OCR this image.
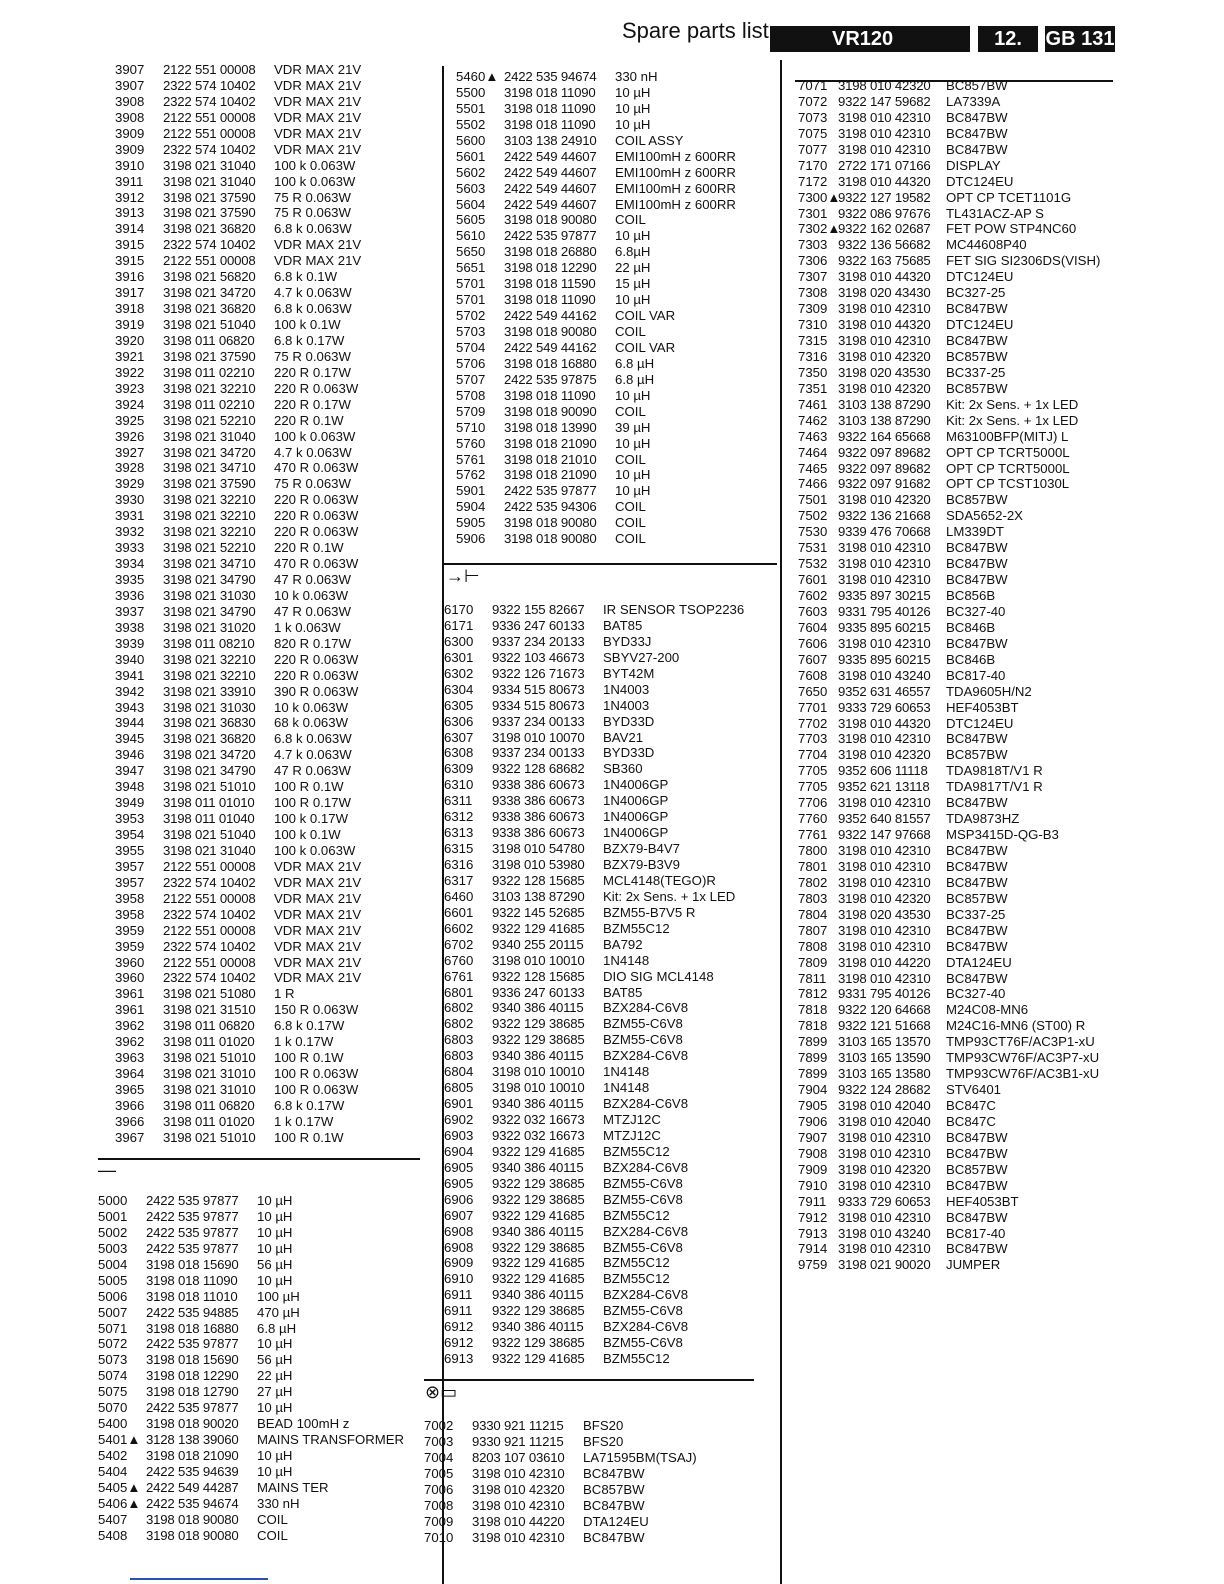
Spare parts list	VR120	12.	GB 131
3907 2122 551 00008 VDR MAX 21V
3907 2322 574 10402 VDR MAX 21V
3908 2322 574 10402 VDR MAX 21V
3908 2122 551 00008 VDR MAX 21V
3909 2122 551 00008 VDR MAX 21V
3909 2322 574 10402 VDR MAX 21V
3910 3198 021 31040 100 k 0.063W
3911 3198 021 31040 100 k 0.063W
3912 3198 021 37590 75 R 0.063W
3913 3198 021 37590 75 R 0.063W
3914 3198 021 36820 6.8 k 0.063W
3915 2322 574 10402 VDR MAX 21V
3915 2122 551 00008 VDR MAX 21V
3916 3198 021 56820 6.8 k 0.1W
3917 3198 021 34720 4.7 k 0.063W
3918 3198 021 36820 6.8 k 0.063W
3919 3198 021 51040 100 k 0.1W
3920 3198 011 06820 6.8 k 0.17W
3921 3198 021 37590 75 R 0.063W
3922 3198 011 02210 220 R 0.17W
3923 3198 021 32210 220 R 0.063W
3924 3198 011 02210 220 R 0.17W
3925 3198 021 52210 220 R 0.1W
3926 3198 021 31040 100 k 0.063W
3927 3198 021 34720 4.7 k 0.063W
3928 3198 021 34710 470 R 0.063W
3929 3198 021 37590 75 R 0.063W
3930 3198 021 32210 220 R 0.063W
3931 3198 021 32210 220 R 0.063W
3932 3198 021 32210 220 R 0.063W
3933 3198 021 52210 220 R 0.1W
3934 3198 021 34710 470 R 0.063W
3935 3198 021 34790 47 R 0.063W
3936 3198 021 31030 10 k 0.063W
3937 3198 021 34790 47 R 0.063W
3938 3198 021 31020 1 k 0.063W
3939 3198 011 08210 820 R 0.17W
3940 3198 021 32210 220 R 0.063W
3941 3198 021 32210 220 R 0.063W
3942 3198 021 33910 390 R 0.063W
3943 3198 021 31030 10 k 0.063W
3944 3198 021 36830 68 k 0.063W
3945 3198 021 36820 6.8 k 0.063W
3946 3198 021 34720 4.7 k 0.063W
3947 3198 021 34790 47 R 0.063W
3948 3198 021 51010 100 R 0.1W
3949 3198 011 01010 100 R 0.17W
3953 3198 011 01040 100 k 0.17W
3954 3198 021 51040 100 k 0.1W
3955 3198 021 31040 100 k 0.063W
3957 2122 551 00008 VDR MAX 21V
3957 2322 574 10402 VDR MAX 21V
3958 2122 551 00008 VDR MAX 21V
3958 2322 574 10402 VDR MAX 21V
3959 2122 551 00008 VDR MAX 21V
3959 2322 574 10402 VDR MAX 21V
3960 2122 551 00008 VDR MAX 21V
3960 2322 574 10402 VDR MAX 21V
3961 3198 021 51080 1 R
3961 3198 021 31510 150 R 0.063W
3962 3198 011 06820 6.8 k 0.17W
3962 3198 011 01020 1 k 0.17W
3963 3198 021 51010 100 R 0.1W
3964 3198 021 31010 100 R 0.063W
3965 3198 021 31010 100 R 0.063W
3966 3198 011 06820 6.8 k 0.17W
3966 3198 011 01020 1 k 0.17W
3967 3198 021 51010 100 R 0.1W
—
5000 2422 535 97877 10 µH
5001 2422 535 97877 10 µH
5002 2422 535 97877 10 µH
5003 2422 535 97877 10 µH
5004 3198 018 15690 56 µH
5005 3198 018 11090 10 µH
5006 3198 018 11010 100 µH
5007 2422 535 94885 470 µH
5071 3198 018 16880 6.8 µH
5072 2422 535 97877 10 µH
5073 3198 018 15690 56 µH
5074 3198 018 12290 22 µH
5075 3198 018 12790 27 µH
5070 2422 535 97877 10 µH
5400 3198 018 90020 BEAD 100mH z
5401▲ 3128 138 39060 MAINS TRANSFORMER
5402 3198 018 21090 10 µH
5404 2422 535 94639 10 µH
5405▲ 2422 549 44287 MAINS TER
5406▲ 2422 535 94674 330 nH
5407 3198 018 90080 COIL
5408 3198 018 90080 COIL
5460▲ 2422 535 94674 330 nH
5500 3198 018 11090 10 µH
5501 3198 018 11090 10 µH
5502 3198 018 11090 10 µH
5600 3103 138 24910 COIL ASSY
5601 2422 549 44607 EMI100mH z 600RR
5602 2422 549 44607 EMI100mH z 600RR
5603 2422 549 44607 EMI100mH z 600RR
5604 2422 549 44607 EMI100mH z 600RR
5605 3198 018 90080 COIL
5610 2422 535 97877 10 µH
5650 3198 018 26880 6.8µH
5651 3198 018 12290 22 µH
5701 3198 018 11590 15 µH
5701 3198 018 11090 10 µH
5702 2422 549 44162 COIL VAR
5703 3198 018 90080 COIL
5704 2422 549 44162 COIL VAR
5706 3198 018 16880 6.8 µH
5707 2422 535 97875 6.8 µH
5708 3198 018 11090 10 µH
5709 3198 018 90090 COIL
5710 3198 018 13990 39 µH
5760 3198 018 21090 10 µH
5761 3198 018 21010 COIL
5762 3198 018 21090 10 µH
5901 2422 535 97877 10 µH
5904 2422 535 94306 COIL
5905 3198 018 90080 COIL
5906 3198 018 90080 COIL
→⊢
6170 9322 155 82667 IR SENSOR TSOP2236
6171 9336 247 60133 BAT85
6300 9337 234 20133 BYD33J
6301 9322 103 46673 SBYV27-200
6302 9322 126 71673 BYT42M
6304 9334 515 80673 1N4003
6305 9334 515 80673 1N4003
6306 9337 234 00133 BYD33D
6307 3198 010 10070 BAV21
6308 9337 234 00133 BYD33D
6309 9322 128 68682 SB360
6310 9338 386 60673 1N4006GP
6311 9338 386 60673 1N4006GP
6312 9338 386 60673 1N4006GP
6313 9338 386 60673 1N4006GP
6315 3198 010 54780 BZX79-B4V7
6316 3198 010 53980 BZX79-B3V9
6317 9322 128 15685 MCL4148(TEGO)R
6460 3103 138 87290 Kit: 2x Sens. + 1x LED
6601 9322 145 52685 BZM55-B7V5 R
6602 9322 129 41685 BZM55C12
6702 9340 255 20115 BA792
6760 3198 010 10010 1N4148
6761 9322 128 15685 DIO SIG MCL4148
6801 9336 247 60133 BAT85
6802 9340 386 40115 BZX284-C6V8
6802 9322 129 38685 BZM55-C6V8
6803 9322 129 38685 BZM55-C6V8
6803 9340 386 40115 BZX284-C6V8
6804 3198 010 10010 1N4148
6805 3198 010 10010 1N4148
6901 9340 386 40115 BZX284-C6V8
6902 9322 032 16673 MTZJ12C
6903 9322 032 16673 MTZJ12C
6904 9322 129 41685 BZM55C12
6905 9340 386 40115 BZX284-C6V8
6905 9322 129 38685 BZM55-C6V8
6906 9322 129 38685 BZM55-C6V8
6907 9322 129 41685 BZM55C12
6908 9340 386 40115 BZX284-C6V8
6908 9322 129 38685 BZM55-C6V8
6909 9322 129 41685 BZM55C12
6910 9322 129 41685 BZM55C12
6911 9340 386 40115 BZX284-C6V8
6911 9322 129 38685 BZM55-C6V8
6912 9340 386 40115 BZX284-C6V8
6912 9322 129 38685 BZM55-C6V8
6913 9322 129 41685 BZM55C12
⊗▭
7002 9330 921 11215 BFS20
7003 9330 921 11215 BFS20
7004 8203 107 03610 LA71595BM(TSAJ)
7005 3198 010 42310 BC847BW
7006 3198 010 42320 BC857BW
7008 3198 010 42310 BC847BW
7009 3198 010 44220 DTA124EU
7010 3198 010 42310 BC847BW
7071 3198 010 42320 BC857BW
7072 9322 147 59682 LA7339A
7073 3198 010 42310 BC847BW
7075 3198 010 42310 BC847BW
7077 3198 010 42310 BC847BW
7170 2722 171 07166 DISPLAY
7172 3198 010 44320 DTC124EU
7300▲9322 127 19582 OPT CP TCET1101G
7301 9322 086 97676 TL431ACZ-AP S
7302▲9322 162 02687 FET POW STP4NC60
7303 9322 136 56682 MC44608P40
7306 9322 163 75685 FET SIG SI2306DS(VISH)
7307 3198 010 44320 DTC124EU
7308 3198 020 43430 BC327-25
7309 3198 010 42310 BC847BW
7310 3198 010 44320 DTC124EU
7315 3198 010 42310 BC847BW
7316 3198 010 42320 BC857BW
7350 3198 020 43530 BC337-25
7351 3198 010 42320 BC857BW
7461 3103 138 87290 Kit: 2x Sens. + 1x LED
7462 3103 138 87290 Kit: 2x Sens. + 1x LED
7463 9322 164 65668 M63100BFP(MITJ) L
7464 9322 097 89682 OPT CP TCRT5000L
7465 9322 097 89682 OPT CP TCRT5000L
7466 9322 097 91682 OPT CP TCST1030L
7501 3198 010 42320 BC857BW
7502 9322 136 21668 SDA5652-2X
7530 9339 476 70668 LM339DT
7531 3198 010 42310 BC847BW
7532 3198 010 42310 BC847BW
7601 3198 010 42310 BC847BW
7602 9335 897 30215 BC856B
7603 9331 795 40126 BC327-40
7604 9335 895 60215 BC846B
7606 3198 010 42310 BC847BW
7607 9335 895 60215 BC846B
7608 3198 010 43240 BC817-40
7650 9352 631 46557 TDA9605H/N2
7701 9333 729 60653 HEF4053BT
7702 3198 010 44320 DTC124EU
7703 3198 010 42310 BC847BW
7704 3198 010 42320 BC857BW
7705 9352 606 11118 TDA9818T/V1 R
7705 9352 621 13118 TDA9817T/V1 R
7706 3198 010 42310 BC847BW
7760 9352 640 81557 TDA9873HZ
7761 9322 147 97668 MSP3415D-QG-B3
7800 3198 010 42310 BC847BW
7801 3198 010 42310 BC847BW
7802 3198 010 42310 BC847BW
7803 3198 010 42320 BC857BW
7804 3198 020 43530 BC337-25
7807 3198 010 42310 BC847BW
7808 3198 010 42310 BC847BW
7809 3198 010 44220 DTA124EU
7811 3198 010 42310 BC847BW
7812 9331 795 40126 BC327-40
7818 9322 120 64668 M24C08-MN6
7818 9322 121 51668 M24C16-MN6 (ST00) R
7899 3103 165 13570 TMP93CT76F/AC3P1-xU
7899 3103 165 13590 TMP93CW76F/AC3P7-xU
7899 3103 165 13580 TMP93CW76F/AC3B1-xU
7904 9322 124 28682 STV6401
7905 3198 010 42040 BC847C
7906 3198 010 42040 BC847C
7907 3198 010 42310 BC847BW
7908 3198 010 42310 BC847BW
7909 3198 010 42320 BC857BW
7910 3198 010 42310 BC847BW
7911 9333 729 60653 HEF4053BT
7912 3198 010 42310 BC847BW
7913 3198 010 43240 BC817-40
7914 3198 010 42310 BC847BW
9759 3198 021 90020 JUMPER
